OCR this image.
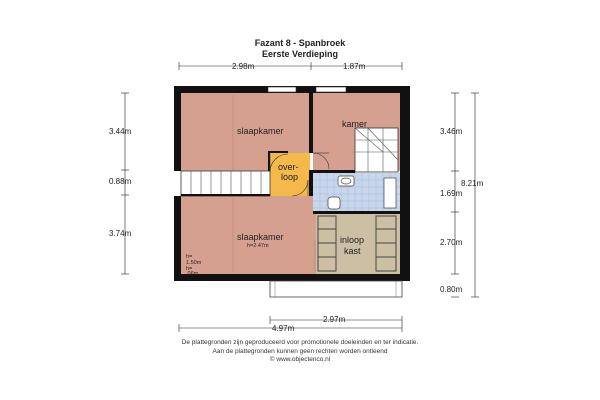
Fazant 8 - Spanbroek
Eerste Verdieping
slaapkamer
kamer
over-
loop
slaapkamer
h=2.47m
inloop
kast
h=
1.50m
h=
.06m
2.98m	1.87m
3.44m
0.88m
3.74m
3.46m
1.69m
2.70m
0.80m
8.21m
2.97m
4.97m
De plattegronden zijn geproduceerd voor promotionele doeleinden en ter indicatie.
Aan de plattegronden kunnen geen rechten worden ontleend
© www.objectenco.nl
